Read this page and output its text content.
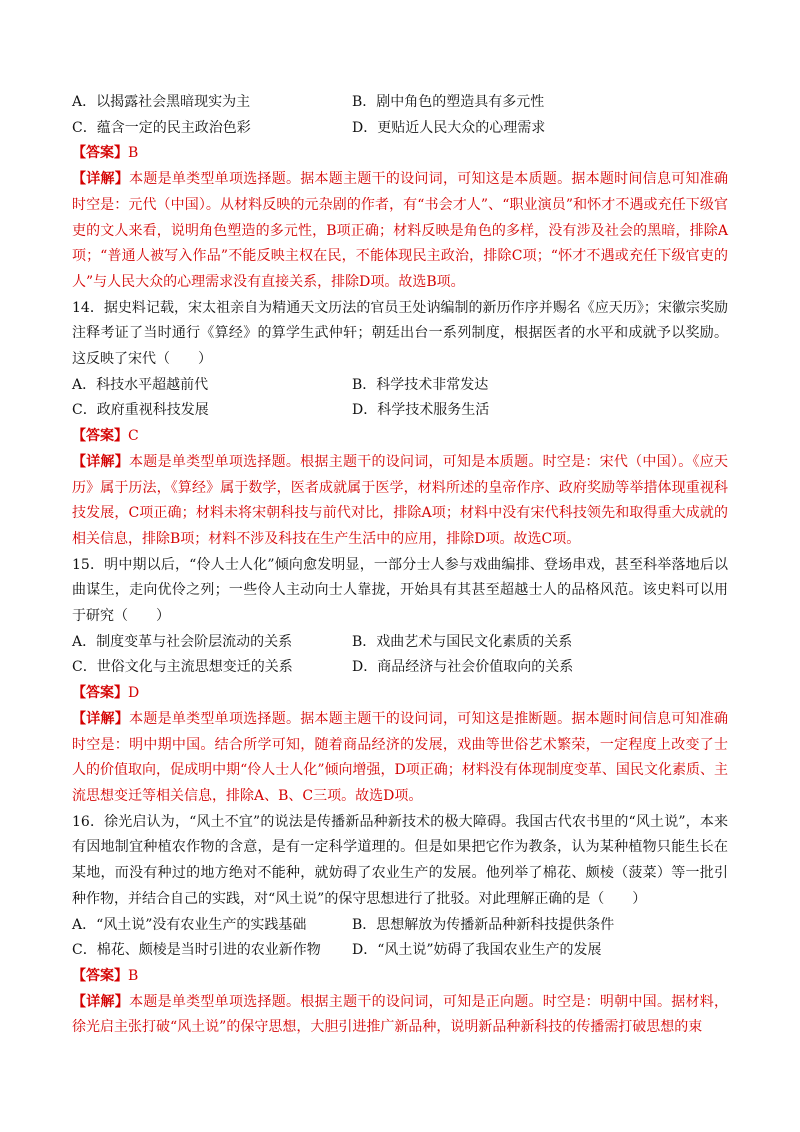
A．以揭露社会黑暗现实为主	B．剧中角色的塑造具有多元性
C．蕴含一定的民主政治色彩	D．更贴近人民大众的心理需求
【答案】B
【详解】本题是单类型单项选择题。据本题主题干的设问词，可知这是本质题。据本题时间信息可知准确时空是：元代（中国）。从材料反映的元杂剧的作者，有“书会才人”、“职业演员”和怀才不遇或充任下级官吏的文人来看，说明角色塑造的多元性，B项正确；材料反映是角色的多样，没有涉及社会的黑暗，排除A项；“普通人被写入作品”不能反映主权在民，不能体现民主政治，排除C项；“怀才不遇或充任下级官吏的人”与人民大众的心理需求没有直接关系，排除D项。故选B项。
14．据史料记载，宋太祖亲自为精通天文历法的官员王处讷编制的新历作序并赐名《应天历》；宋徽宗奖励注释考证了当时通行《算经》的算学生武仲轩；朝廷出台一系列制度，根据医者的水平和成就予以奖励。这反映了宋代（　　）
A．科技水平超越前代	B．科学技术非常发达
C．政府重视科技发展	D．科学技术服务生活
【答案】C
【详解】本题是单类型单项选择题。根据主题干的设问词，可知是本质题。时空是：宋代（中国）。《应天历》属于历法，《算经》属于数学，医者成就属于医学，材料所述的皇帝作序、政府奖励等举措体现重视科技发展，C项正确；材料未将宋朝科技与前代对比，排除A项；材料中没有宋代科技领先和取得重大成就的相关信息，排除B项；材料不涉及科技在生产生活中的应用，排除D项。故选C项。
15．明中期以后，“伶人士人化”倾向愈发明显，一部分士人参与戏曲编排、登场串戏，甚至科举落地后以曲谋生，走向优伶之列；一些伶人主动向士人靠拢，开始具有其甚至超越士人的品格风范。该史料可以用于研究（　　）
A．制度变革与社会阶层流动的关系	B．戏曲艺术与国民文化素质的关系
C．世俗文化与主流思想变迁的关系	D．商品经济与社会价值取向的关系
【答案】D
【详解】本题是单类型单项选择题。据本题主题干的设问词，可知这是推断题。据本题时间信息可知准确时空是：明中期中国。结合所学可知，随着商品经济的发展，戏曲等世俗艺术繁荣，一定程度上改变了士人的价值取向，促成明中期“伶人士人化”倾向增强，D项正确；材料没有体现制度变革、国民文化素质、主流思想变迁等相关信息，排除A、B、C三项。故选D项。
16．徐光启认为，“风土不宜”的说法是传播新品种新技术的极大障碍。我国古代农书里的“风土说”，本来有因地制宜种植农作物的含意，是有一定科学道理的。但是如果把它作为教条，认为某种植物只能生长在某地，而没有种过的地方绝对不能种，就妨碍了农业生产的发展。他列举了棉花、颇棱（菠菜）等一批引种作物，并结合自己的实践，对“风土说”的保守思想进行了批驳。对此理解正确的是（　　）
A．“风土说”没有农业生产的实践基础	B．思想解放为传播新品种新科技提供条件
C．棉花、颇棱是当时引进的农业新作物	D．“风土说”妨碍了我国农业生产的发展
【答案】B
【详解】本题是单类型单项选择题。根据主题干的设问词，可知是正向题。时空是：明朝中国。据材料，徐光启主张打破“风土说”的保守思想，大胆引进推广新品种，说明新品种新科技的传播需打破思想的束
